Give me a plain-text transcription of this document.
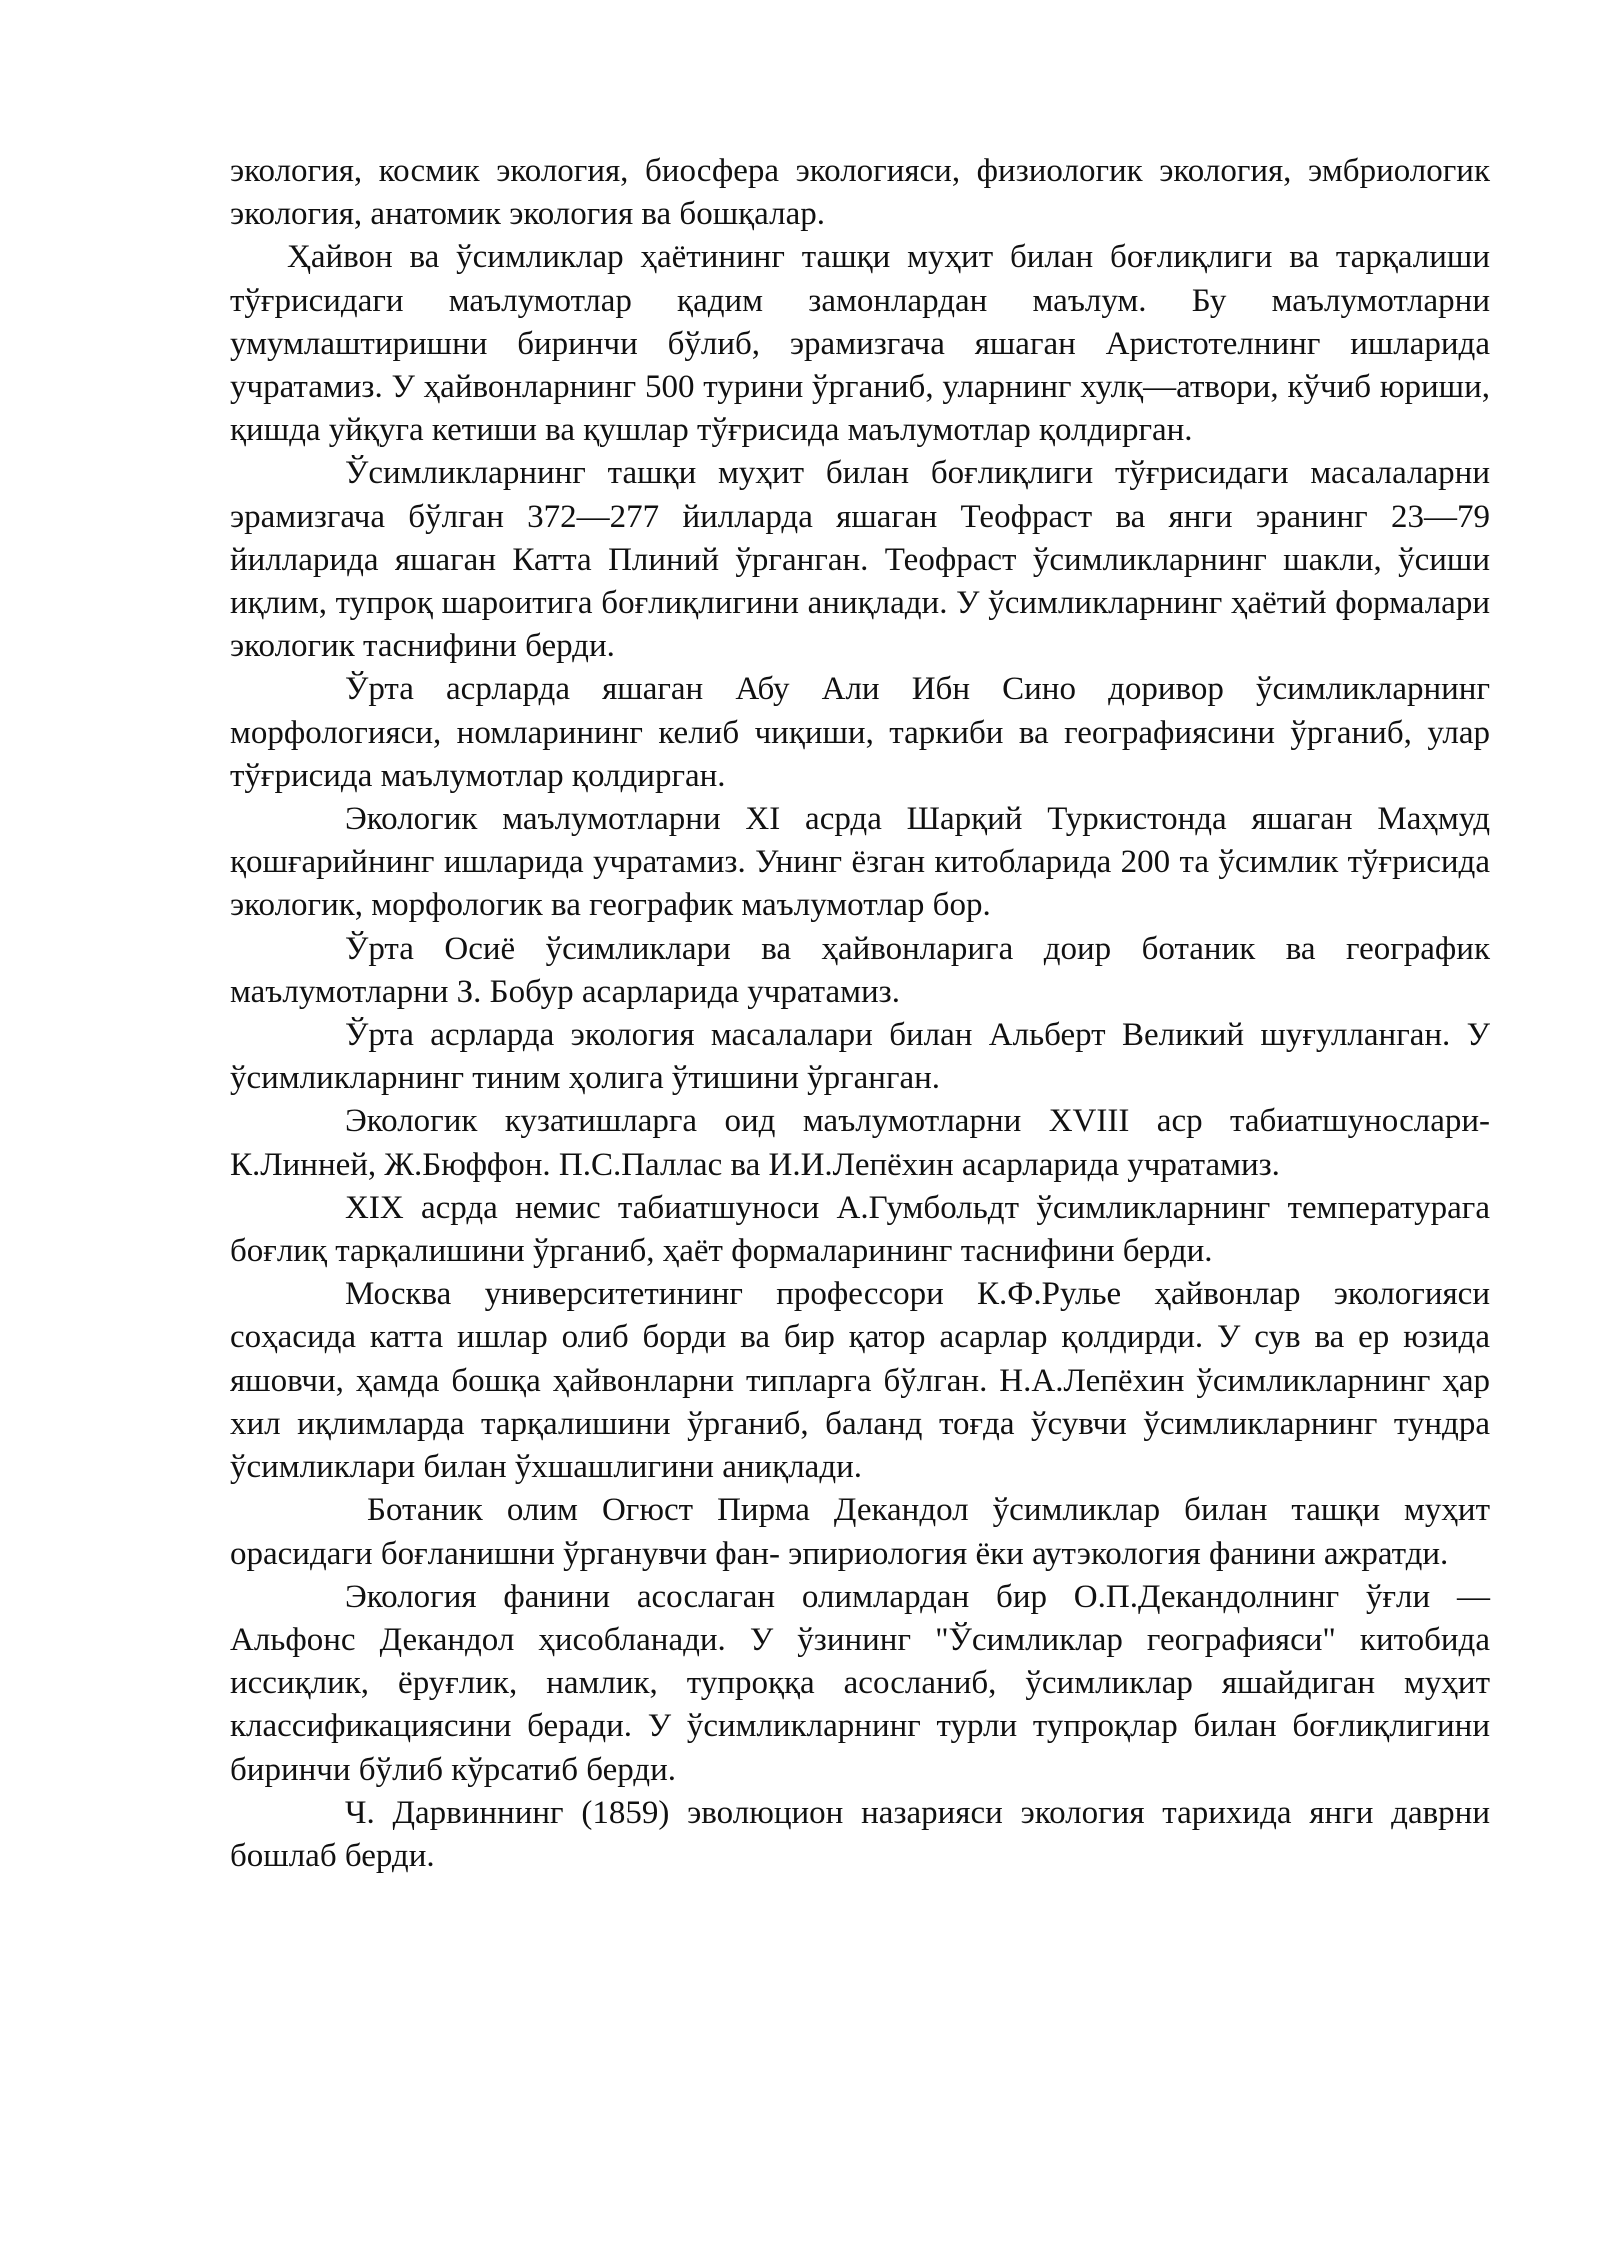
экология, космик экология, биосфера экологияси, физиологик экология, эмбриологик экология, анатомик экология ва бошқалар.

Ҳайвон ва ўсимликлар ҳаётининг ташқи муҳит билан боғлиқлиги ва тарқалиши тўғрисидаги маълумотлар қадим замонлардан маълум. Бу маълумотларни умумлаштиришни биринчи бўлиб, эрамизгача яшаган Аристотелнинг ишларида учратамиз. У ҳайвонларнинг 500 турини ўрганиб, уларнинг хулқ—атвори, кўчиб юриши, қишда уйқуга кетиши ва қушлар тўғрисида маълумотлар қолдирган.

Ўсимликларнинг ташқи муҳит билан боғлиқлиги тўғрисидаги масалаларни эрамизгача бўлган 372—277 йилларда яшаган Теофраст ва янги эранинг 23—79 йилларида яшаган Катта Плиний ўрганган. Теофраст ўсимликларнинг шакли, ўсиши иқлим, тупроқ шароитига боғлиқлигини аниқлади. У ўсимликларнинг ҳаётий формалари экологик таснифини берди.

Ўрта асрларда яшаган Абу Али Ибн Сино доривор ўсимликларнинг морфологияси, номларининг келиб чиқиши, таркиби ва географиясини ўрганиб, улар тўғрисида маълумотлар қолдирган.

Экологик маълумотларни XI асрда Шарқий Туркистонда яшаган Маҳмуд қошғарийнинг ишларида учратамиз. Унинг ёзган китобларида 200 та ўсимлик тўғрисида экологик, морфологик ва географик маълумотлар бор.

Ўрта Осиё ўсимликлари ва ҳайвонларига доир ботаник ва географик маълумотларни З. Бобур асарларида учратамиз.

Ўрта асрларда экология масалалари билан Альберт Великий шуғулланган. У ўсимликларнинг тиним ҳолига ўтишини ўрганган.

Экологик кузатишларга оид маълумотларни XVIII аср табиатшунослари- К.Линней, Ж.Бюффон. П.С.Паллас ва И.И.Лепёхин асарларида учратамиз.

XIX асрда немис табиатшуноси А.Гумбольдт ўсимликларнинг температурага боғлиқ тарқалишини ўрганиб, ҳаёт формаларининг таснифини берди.

Москва университетининг профессори К.Ф.Рулье ҳайвонлар экологияси соҳасида катта ишлар олиб борди ва бир қатор асарлар қолдирди. У сув ва ер юзида яшовчи, ҳамда бошқа ҳайвонларни типларга бўлган. Н.А.Лепёхин ўсимликларнинг ҳар хил иқлимларда тарқалишини ўрганиб, баланд тоғда ўсувчи ўсимликларнинг тундра ўсимликлари билан ўхшашлигини аниқлади.

Ботаник олим Огюст Пирма Декандол ўсимликлар билан ташқи муҳит орасидаги боғланишни ўрганувчи фан- эпириология ёки аутэкология фанини ажратди.

Экология фанини асослаган олимлардан бир О.П.Декандолнинг ўғли — Альфонс Декандол ҳисобланади. У ўзининг "Ўсимликлар географияси" китобида иссиқлик, ёруғлик, намлик, тупроққа асосланиб, ўсимликлар яшайдиган муҳит классификациясини беради. У ўсимликларнинг турли тупроқлар билан боғлиқлигини биринчи бўлиб кўрсатиб берди.

Ч. Дарвиннинг (1859) эволюцион назарияси экология тарихида янги даврни бошлаб берди.
